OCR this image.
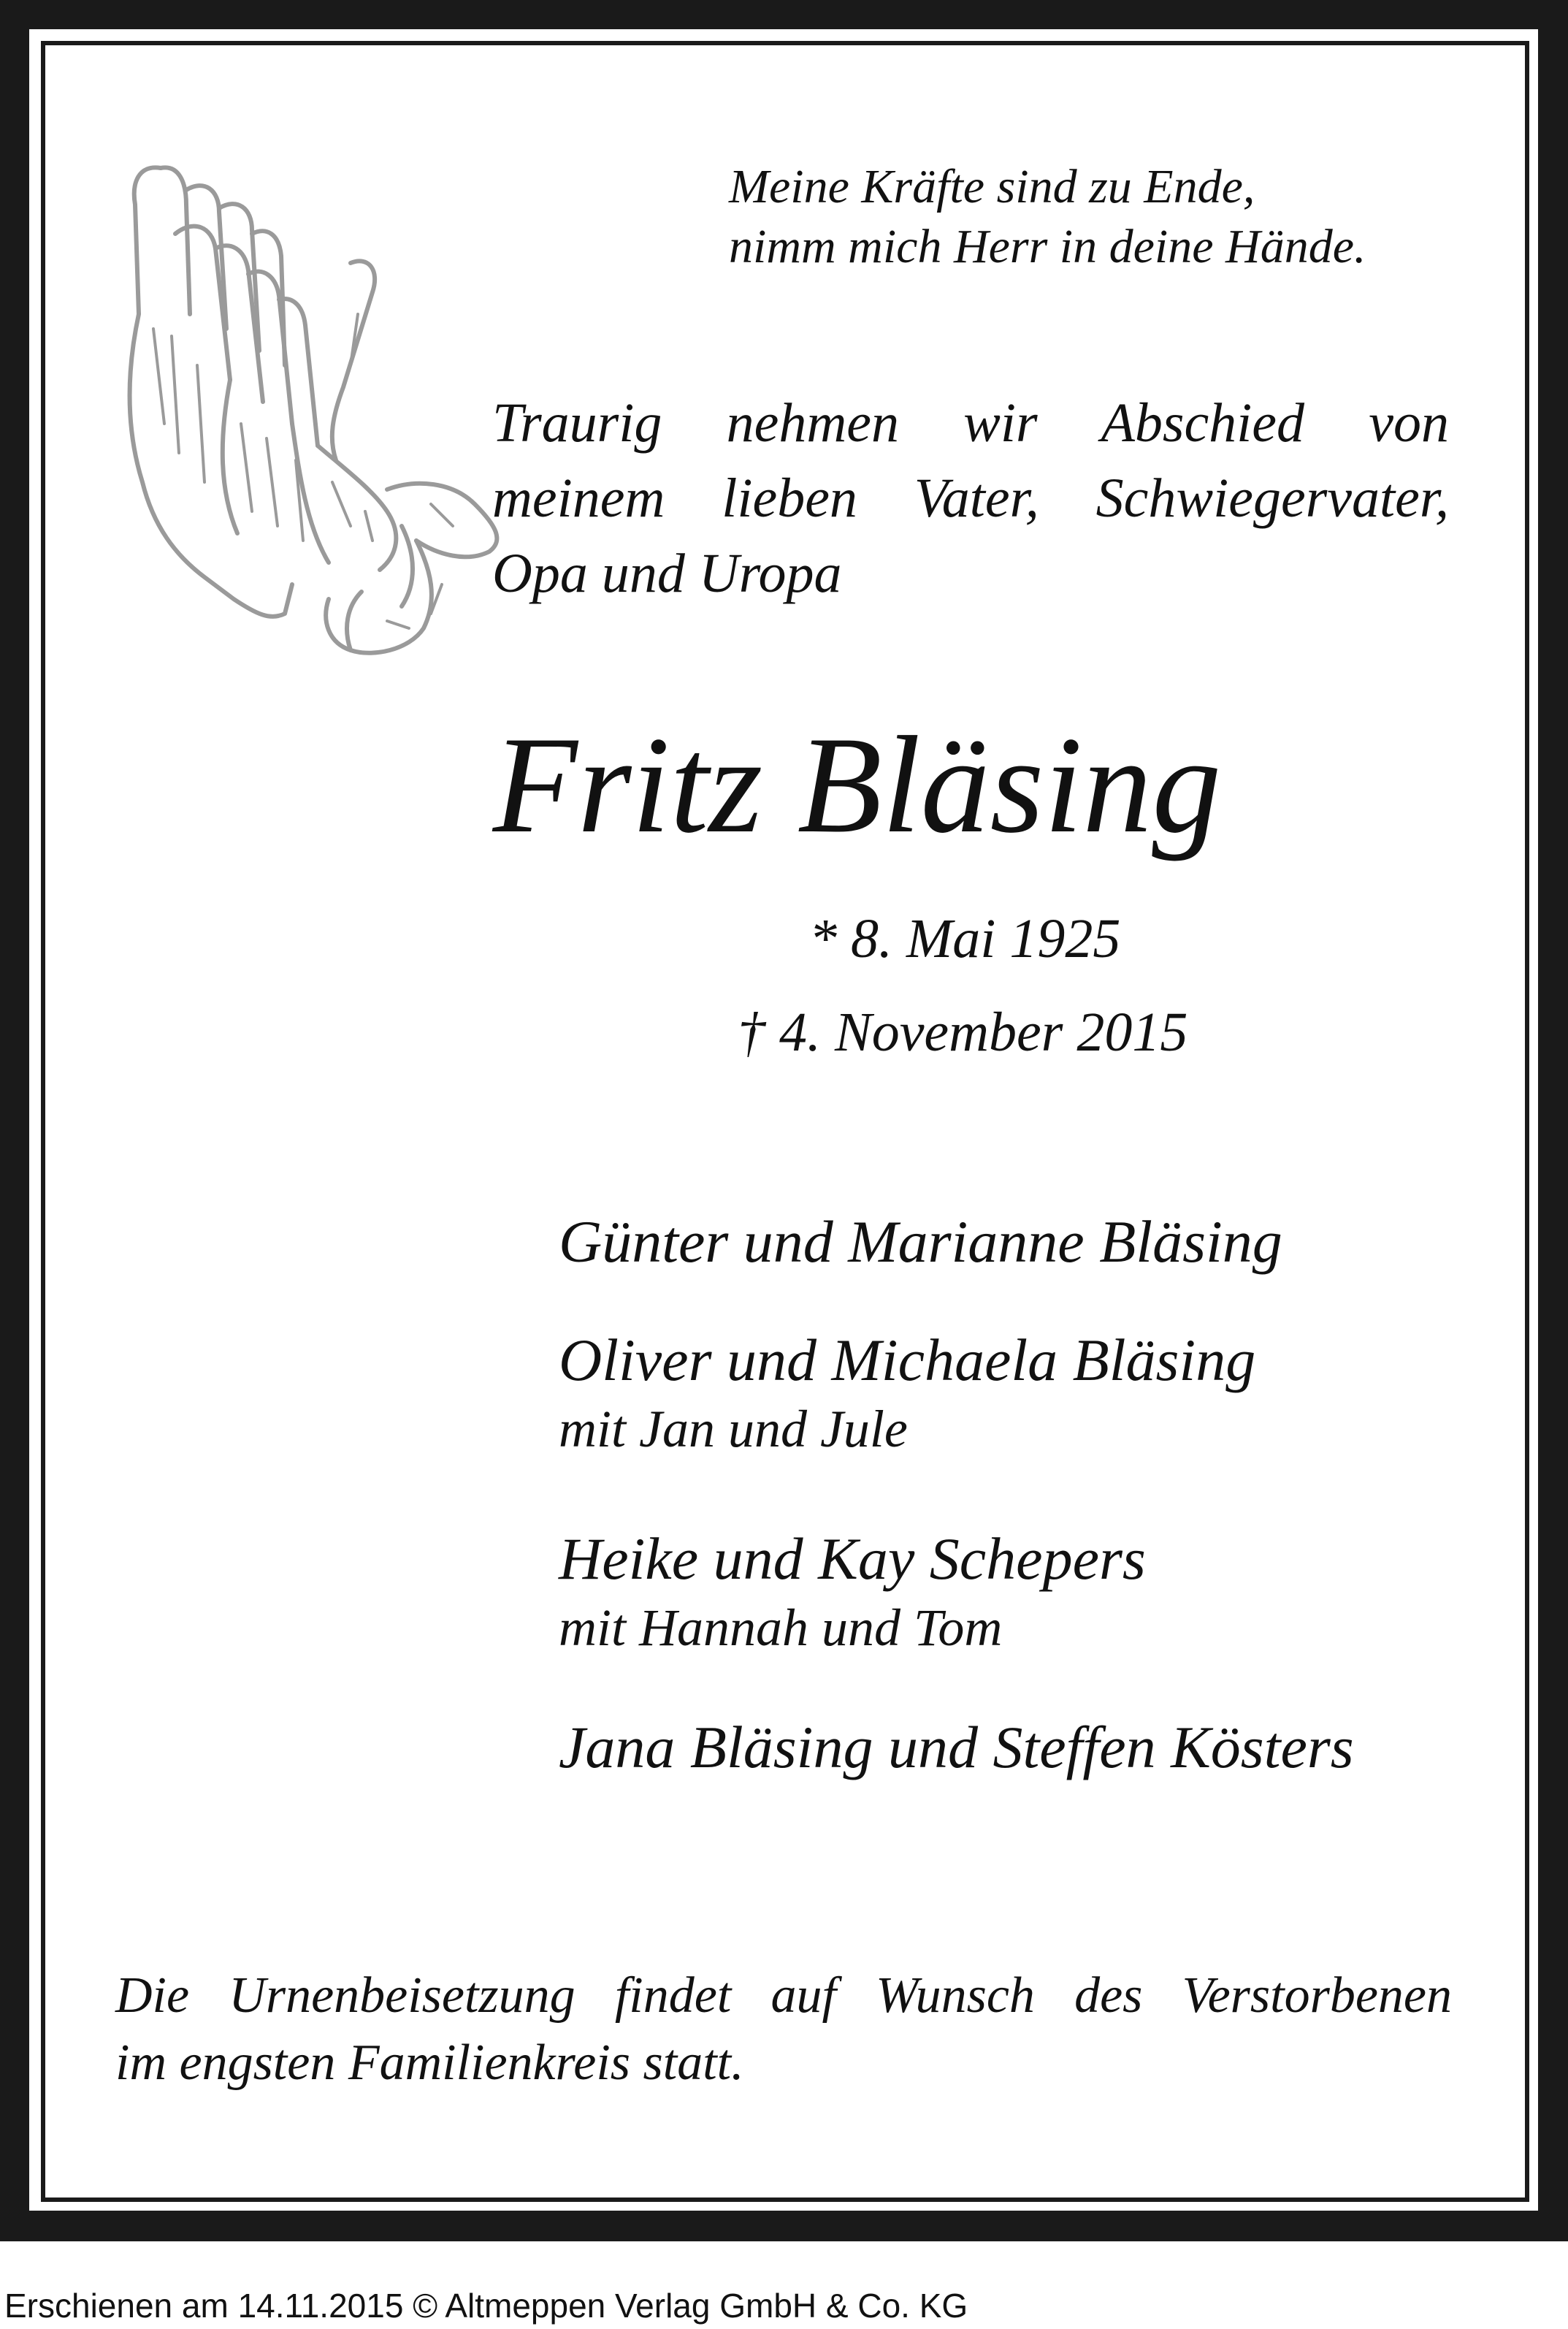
Meine Kräfte sind zu Ende,
nimm mich Herr in deine Hände.
Traurig nehmen wir Abschied von
meinem lieben Vater, Schwiegervater,
Opa und Uropa
Fritz Bläsing
* 8. Mai 1925
† 4. November 2015
Günter und Marianne Bläsing
Oliver und Michaela Bläsing
mit Jan und Jule
Heike und Kay Schepers
mit Hannah und Tom
Jana Bläsing und Steffen Kösters
Die Urnenbeisetzung findet auf Wunsch des Verstorbenen
im engsten Familienkreis statt.
Erschienen am 14.11.2015 © Altmeppen Verlag GmbH & Co. KG
